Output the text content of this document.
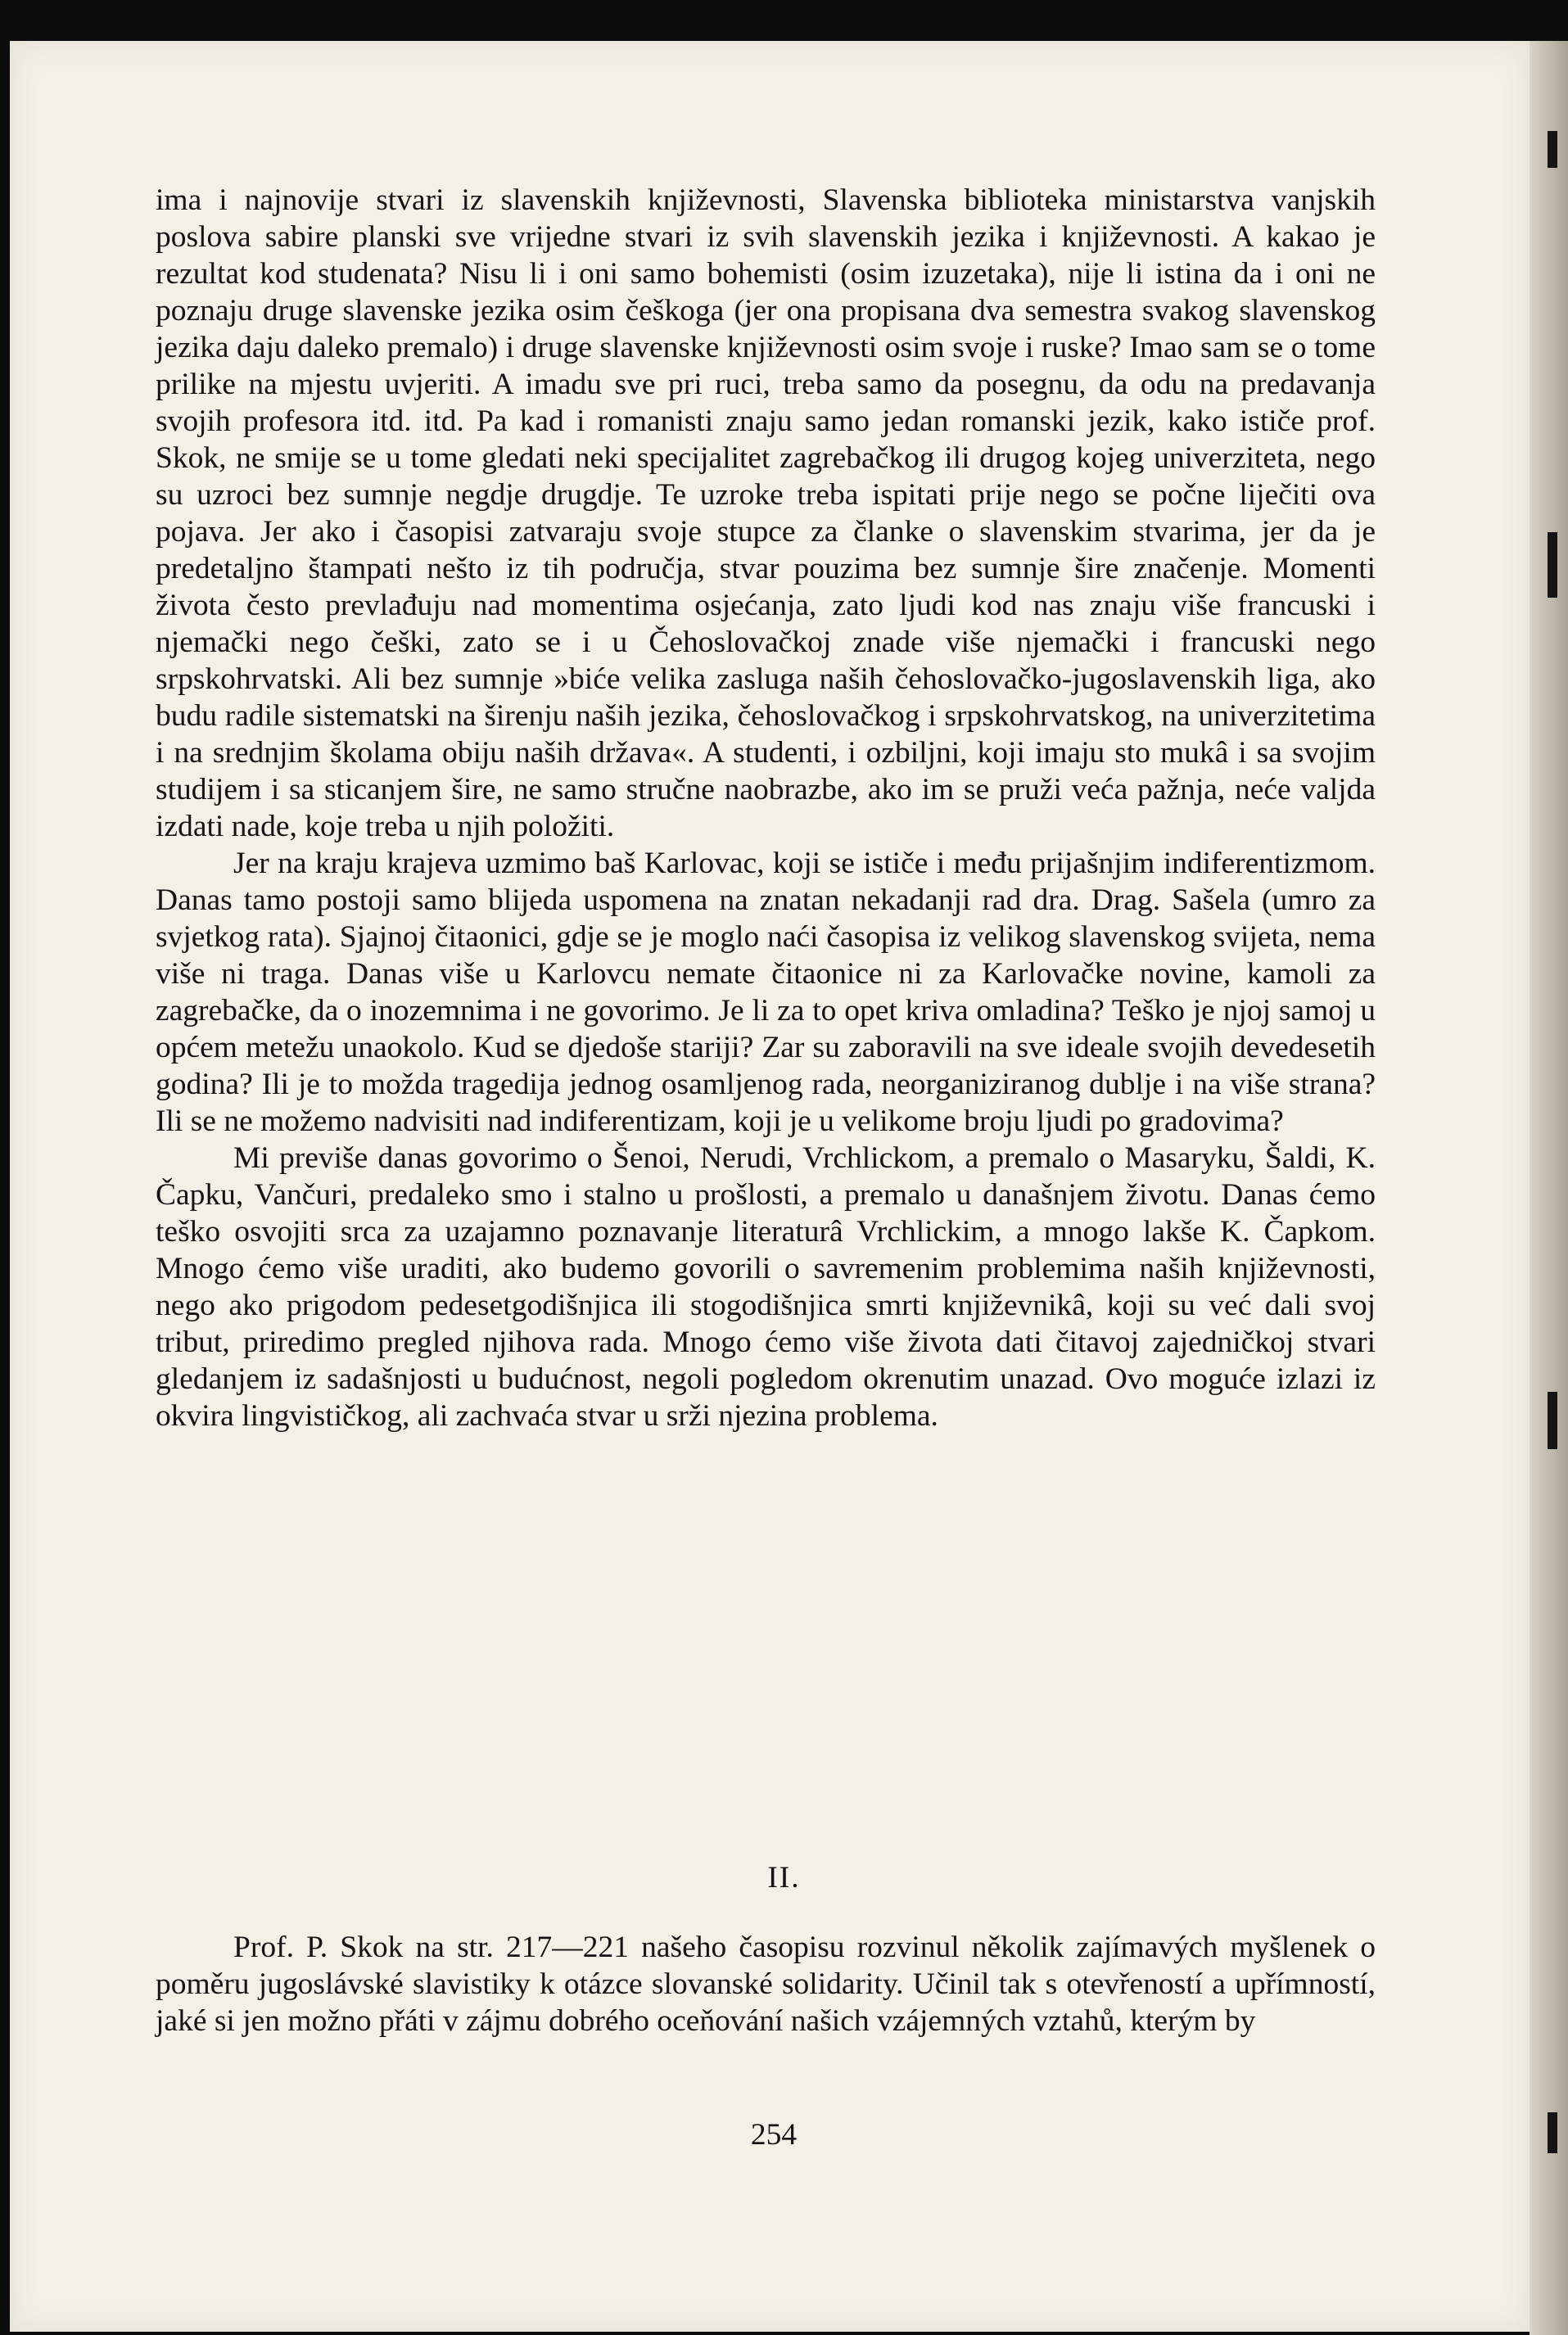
ima i najnovije stvari iz slavenskih književnosti, Slavenska biblioteka ministarstva vanjskih poslova sabire planski sve vrijedne stvari iz svih slavenskih jezika i književnosti. A kakao je rezultat kod studenata? Nisu li i oni samo bohemisti (osim izuzetaka), nije li istina da i oni ne poznaju druge slavenske jezika osim češkoga (jer ona propisana dva semestra svakog slavenskog jezika daju daleko premalo) i druge slavenske književnosti osim svoje i ruske? Imao sam se o tome prilike na mjestu uvjeriti. A imadu sve pri ruci, treba samo da posegnu, da odu na predavanja svojih profesora itd. itd. Pa kad i romanisti znaju samo jedan romanski jezik, kako ističe prof. Skok, ne smije se u tome gledati neki specijalitet zagrebačkog ili drugog kojeg univerziteta, nego su uzroci bez sumnje negdje drugdje. Te uzroke treba ispitati prije nego se počne liječiti ova pojava. Jer ako i časopisi zatvaraju svoje stupce za članke o slavenskim stvarima, jer da je predetaljno štampati nešto iz tih područja, stvar pouzima bez sumnje šire značenje. Momenti života često prevlađuju nad momentima osjećanja, zato ljudi kod nas znaju više francuski i njemački nego češki, zato se i u Čehoslovačkoj znade više njemački i francuski nego srpskohrvatski. Ali bez sumnje »biće velika zasluga naših čehoslovačko-jugoslavenskih liga, ako budu radile sistematski na širenju naših jezika, čehoslovačkog i srpskohrvatskog, na univerzitetima i na srednjim školama obiju naših država«. A studenti, i ozbiljni, koji imaju sto mukâ i sa svojim studijem i sa sticanjem šire, ne samo stručne naobrazbe, ako im se pruži veća pažnja, neće valjda izdati nade, koje treba u njih položiti.

Jer na kraju krajeva uzmimo baš Karlovac, koji se ističe i među prijašnjim indiferentizmom. Danas tamo postoji samo blijeda uspomena na znatan nekadanji rad dra. Drag. Sašela (umro za svjetkog rata). Sjajnoj čitaonici, gdje se je moglo naći časopisa iz velikog slavenskog svijeta, nema više ni traga. Danas više u Karlovcu nemate čitaonice ni za Karlovačke novine, kamoli za zagrebačke, da o inozemnima i ne govorimo. Je li za to opet kriva omladina? Teško je njoj samoj u općem metežu unaokolo. Kud se djedoše stariji? Zar su zaboravili na sve ideale svojih devedesetih godina? Ili je to možda tragedija jednog osamljenog rada, neorganiziranog dublje i na više strana? Ili se ne možemo nadvisiti nad indiferentizam, koji je u velikome broju ljudi po gradovima?

Mi previše danas govorimo o Šenoi, Nerudi, Vrchlickom, a premalo o Masaryku, Šaldi, K. Čapku, Vančuri, predaleko smo i stalno u prošlosti, a premalo u današnjem životu. Danas ćemo teško osvojiti srca za uzajamno poznavanje literaturâ Vrchlickim, a mnogo lakše K. Čapkom. Mnogo ćemo više uraditi, ako budemo govorili o savremenim problemima naših književnosti, nego ako prigodom pedesetgodišnjica ili stogodišnjica smrti književnikâ, koji su već dali svoj tribut, priredimo pregled njihova rada. Mnogo ćemo više života dati čitavoj zajedničkoj stvari gledanjem iz sadašnjosti u budućnost, negoli pogledom okrenutim unazad. Ovo moguće izlazi iz okvira lingvističkog, ali zachvaća stvar u srži njezina problema.

II.

Prof. P. Skok na str. 217—221 našeho časopisu rozvinul několik zajímavých myšlenek o poměru jugoslávské slavistiky k otázce slovanské solidarity. Učinil tak s otevřeností a upřímností, jaké si jen možno přáti v zájmu dobrého oceňování našich vzájemných vztahů, kterým by

254
